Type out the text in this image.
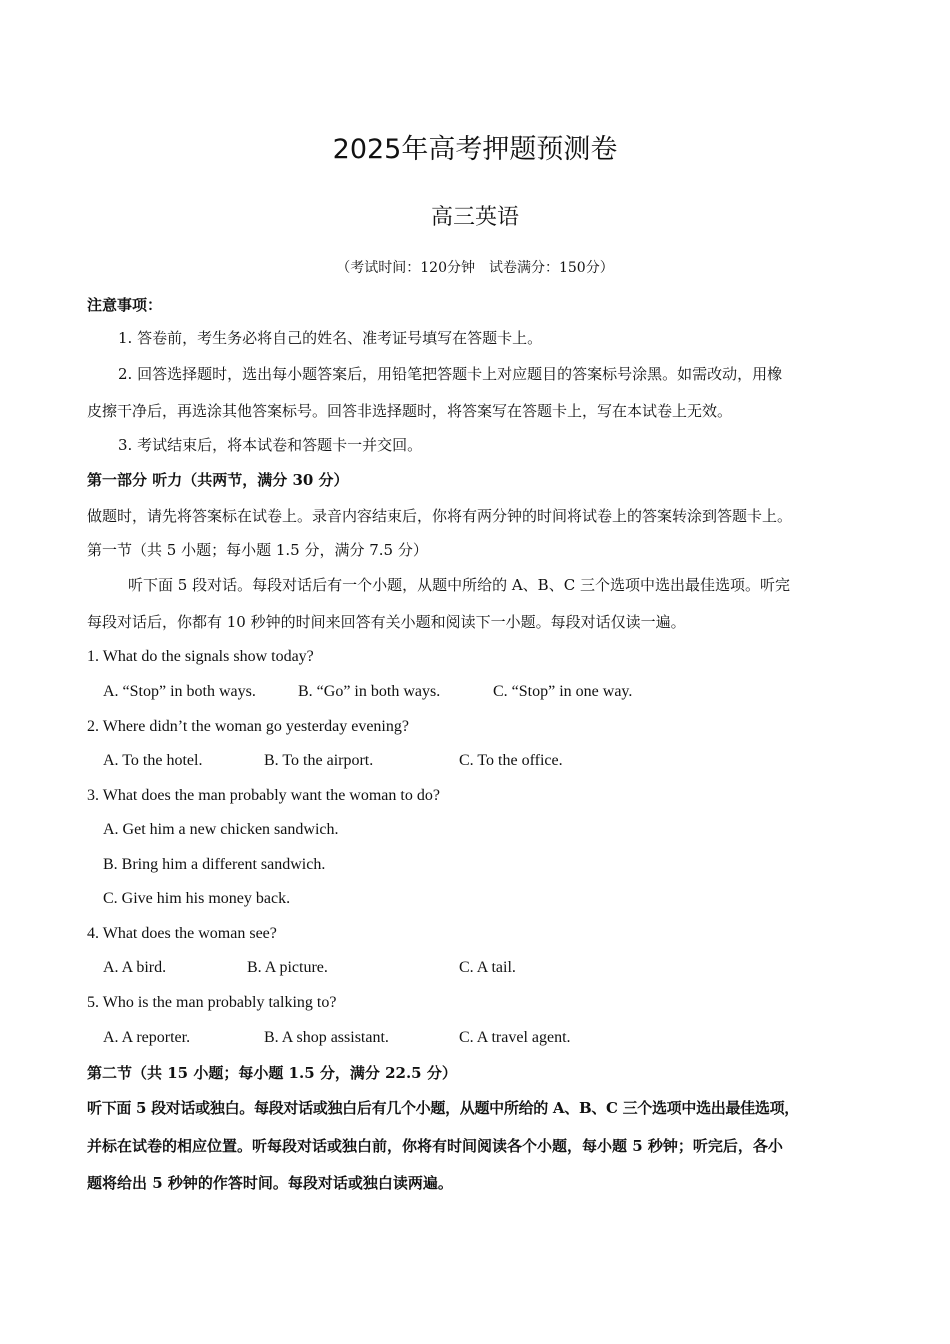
2025年高考押题预测卷
高三英语
（考试时间：120分钟　试卷满分：150分）
注意事项：
1. 答卷前，考生务必将自己的姓名、准考证号填写在答题卡上。
2. 回答选择题时，选出每小题答案后，用铅笔把答题卡上对应题目的答案标号涂黑。如需改动，用橡
皮擦干净后，再选涂其他答案标号。回答非选择题时，将答案写在答题卡上，写在本试卷上无效。
3. 考试结束后，将本试卷和答题卡一并交回。
第一部分 听力（共两节，满分 30 分）
做题时，请先将答案标在试卷上。录音内容结束后，你将有两分钟的时间将试卷上的答案转涂到答题卡上。
第一节（共 5 小题；每小题 1.5 分，满分 7.5 分）
听下面 5 段对话。每段对话后有一个小题，从题中所给的 A、B、C 三个选项中选出最佳选项。听完
每段对话后，你都有 10 秒钟的时间来回答有关小题和阅读下一小题。每段对话仅读一遍。
1. What do the signals show today?
A. “Stop” in both ways.	B. “Go” in both ways.	C. “Stop” in one way.
2. Where didn’t the woman go yesterday evening?
A. To the hotel.	B. To the airport.	C. To the office.
3. What does the man probably want the woman to do?
A. Get him a new chicken sandwich.
B. Bring him a different sandwich.
C. Give him his money back.
4. What does the woman see?
A. A bird.	B. A picture.	C. A tail.
5. Who is the man probably talking to?
A. A reporter.	B. A shop assistant.	C. A travel agent.
第二节（共 15 小题；每小题 1.5 分，满分 22.5 分）
听下面 5 段对话或独白。每段对话或独白后有几个小题，从题中所给的 A、B、C 三个选项中选出最佳选项，
并标在试卷的相应位置。听每段对话或独白前，你将有时间阅读各个小题，每小题 5 秒钟；听完后，各小
题将给出 5 秒钟的作答时间。每段对话或独白读两遍。
